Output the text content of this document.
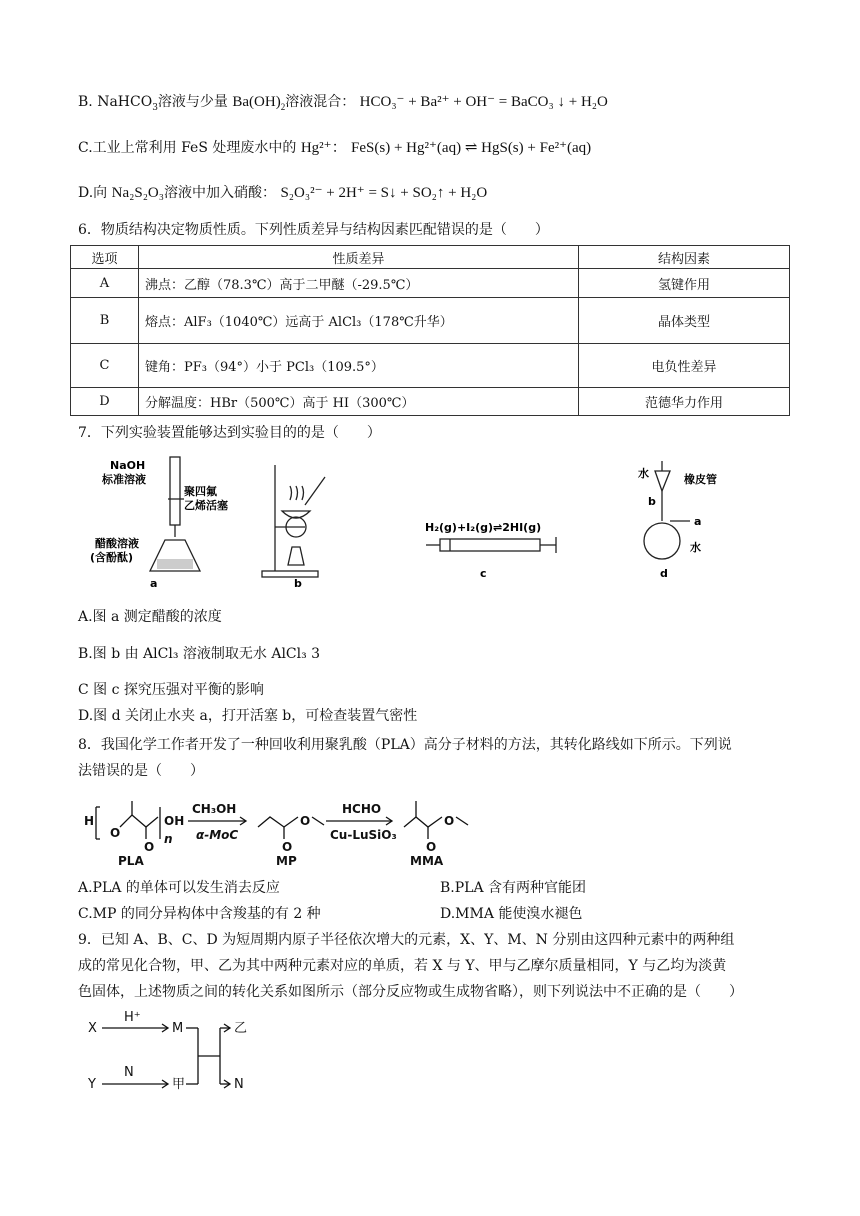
B. NaHCO$_3$溶液与少量 $Ba(OH)_2$溶液混合： HCO₃⁻ + Ba²⁺ + OH⁻ = BaCO₃ ↓ + H₂O
C.工业上常利用 FeS 处理废水中的 Hg²⁺： FeS(s) + Hg²⁺(aq) ⇌ HgS(s) + Fe²⁺(aq)
D.向 Na₂S₂O₃溶液中加入硝酸： S₂O₃²⁻ + 2H⁺ = S↓ + SO₂↑ + H₂O
6．物质结构决定物质性质。下列性质差异与结构因素匹配错误的是（　　）
选项	性质差异	结构因素
A	沸点：乙醇（78.3℃）高于二甲醚（-29.5℃）	氢键作用
B	熔点：AlF₃（1040℃）远高于 AlCl₃（178℃升华）	晶体类型
C	键角：PF₃（94°）小于 PCl₃（109.5°）	电负性差异
D	分解温度：HBr（500℃）高于 HI（300℃）	范德华力作用
7．下列实验装置能够达到实验目的的是（　　）
NaOH
标准溶液
聚四氟
乙烯活塞
醋酸溶液
(含酚酞)
a	b
H₂(g)+I₂(g)⇌2HI(g)
c
水
b
橡皮管
a
水
d
A.图 a 测定醋酸的浓度
B.图 b 由 AlCl₃ 溶液制取无水 AlCl₃ 3
C 图 c 探究压强对平衡的影响
D.图 d 关闭止水夹 a，打开活塞 b，可检查装置气密性
8．我国化学工作者开发了一种回收利用聚乳酸（PLA）高分子材料的方法，其转化路线如下所示。下列说
法错误的是（　　）
H
O
O
OH
n
O
O
O
O
PLA	MP	MMA
CH₃OH
α-MoC
HCHO
Cu-LuSiO₃
A.PLA 的单体可以发生消去反应	B.PLA 含有两种官能团
C.MP 的同分异构体中含羧基的有 2 种	D.MMA 能使溴水褪色
9．已知 A、B、C、D 为短周期内原子半径依次增大的元素，X、Y、M、N 分别由这四种元素中的两种组
成的常见化合物，甲、乙为其中两种元素对应的单质，若 X 与 Y、甲与乙摩尔质量相同，Y 与乙均为淡黄
色固体，上述物质之间的转化关系如图所示（部分反应物或生成物省略），则下列说法中不正确的是（　　）
X
H⁺
M
Y
N
甲
乙
N
